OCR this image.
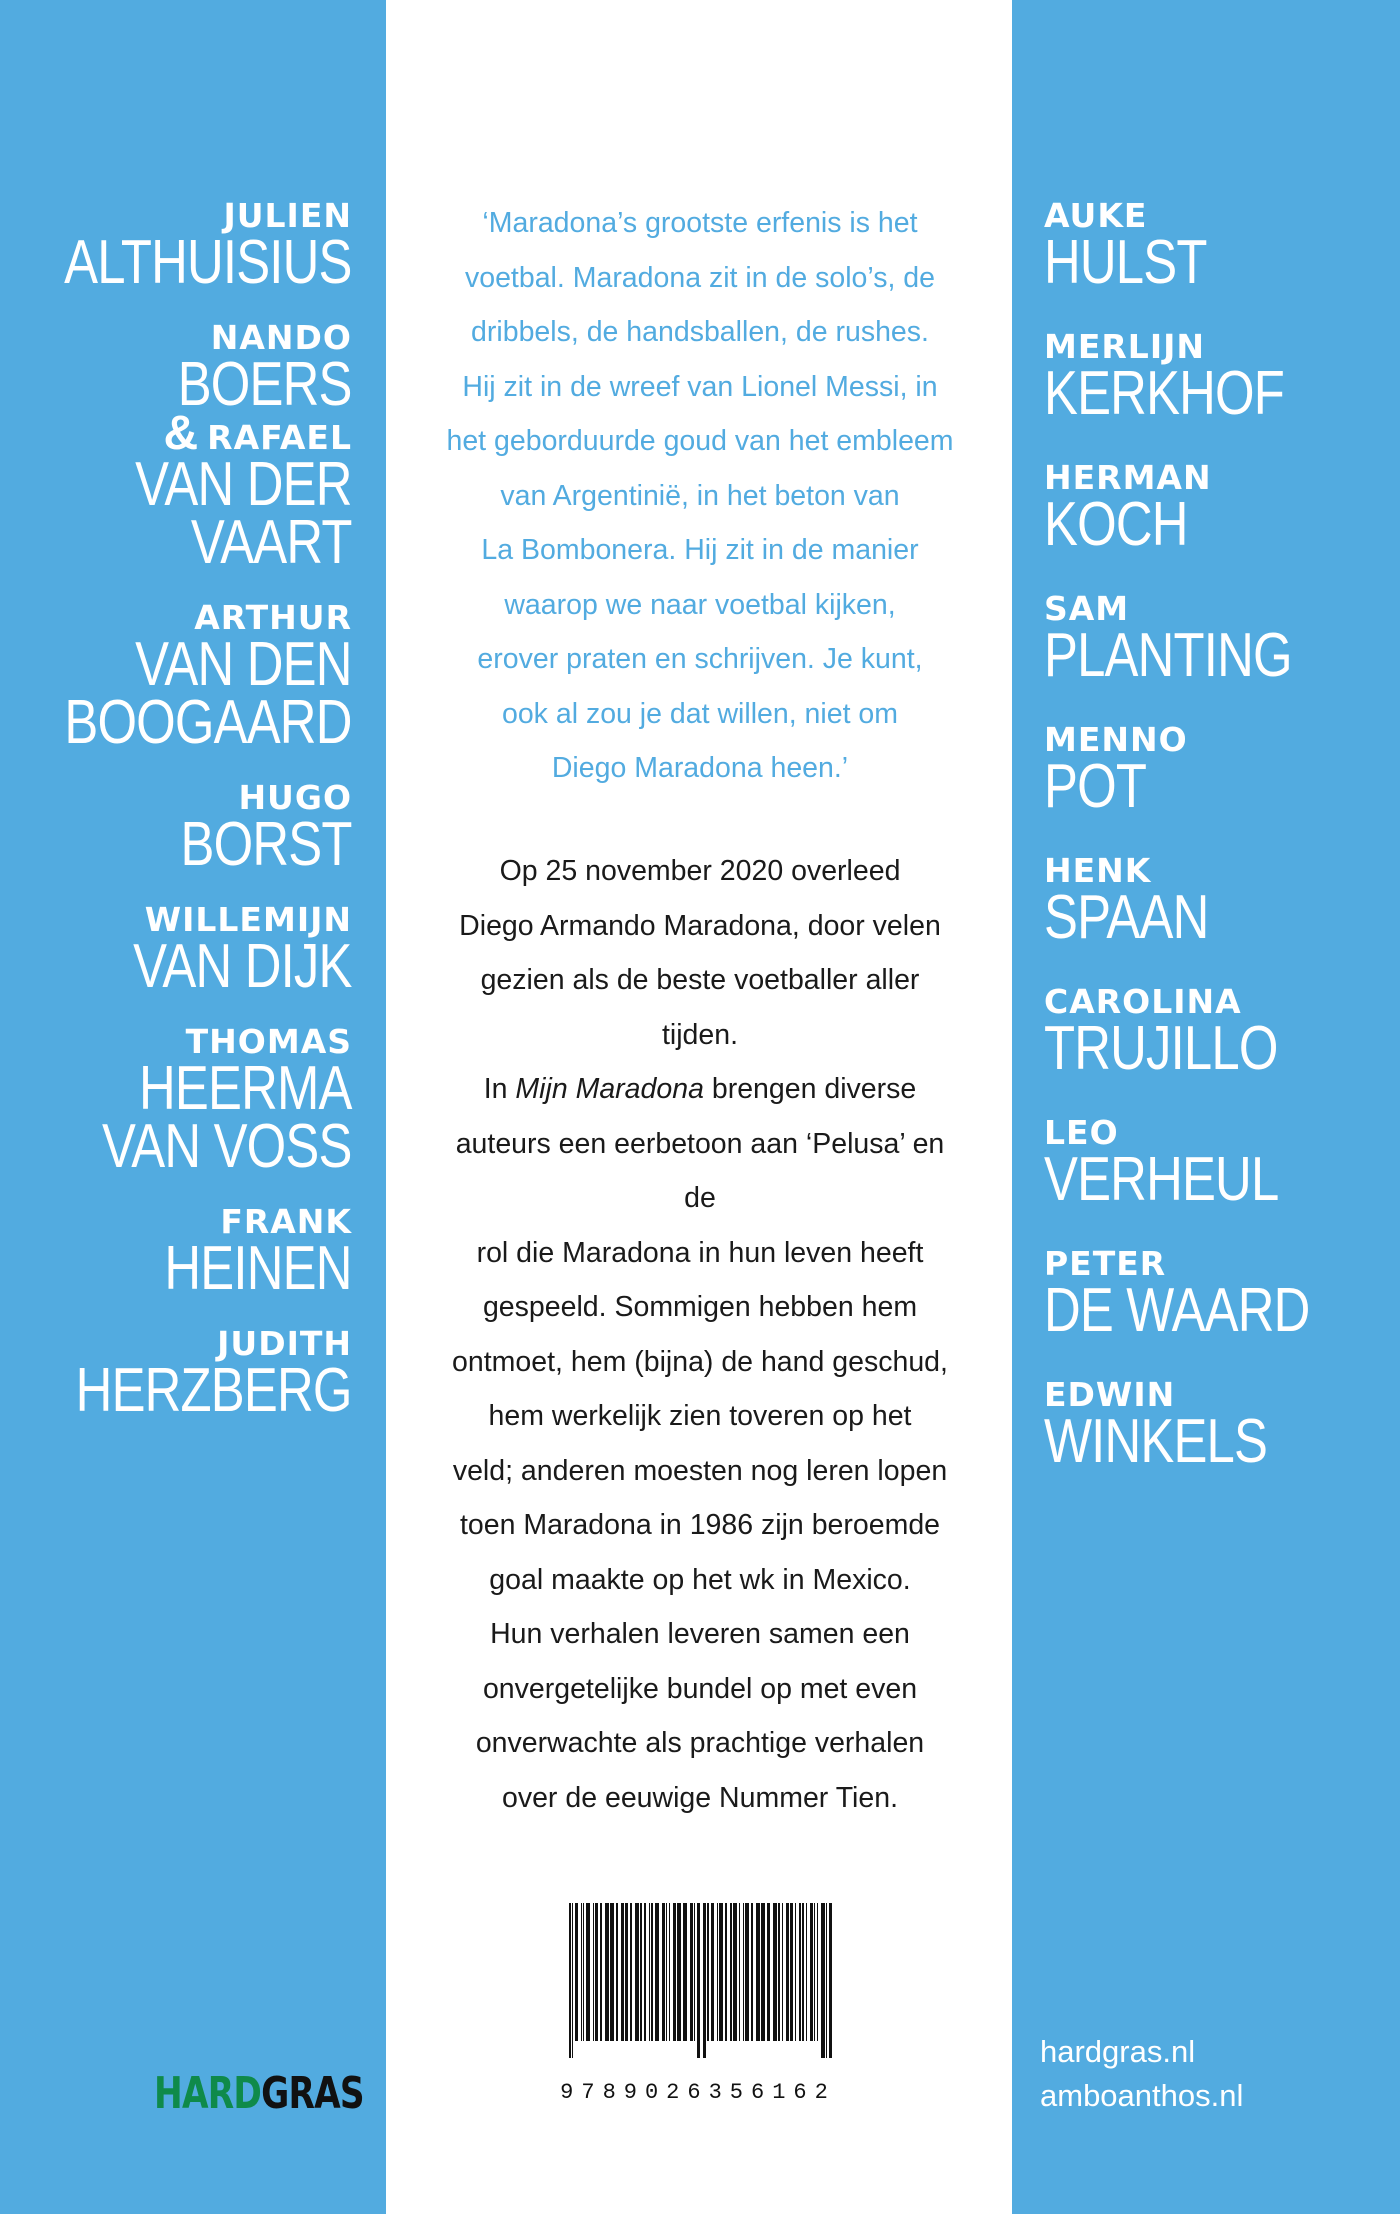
JULIEN
ALTHUISIUS
NANDO
BOERS
& RAFAEL
VAN DER
VAART
ARTHUR
VAN DEN
BOOGAARD
HUGO
BORST
WILLEMIJN
VAN DIJK
THOMAS
HEERMA
VAN VOSS
FRANK
HEINEN
JUDITH
HERZBERG
AUKE
HULST
MERLIJN
KERKHOF
HERMAN
KOCH
SAM
PLANTING
MENNO
POT
HENK
SPAAN
CAROLINA
TRUJILLO
LEO
VERHEUL
PETER
DE WAARD
EDWIN
WINKELS

‘Maradona’s grootste erfenis is het

voetbal. Maradona zit in de solo’s, de

dribbels, de handsballen, de rushes.

Hij zit in de wreef van Lionel Messi, in

het geborduurde goud van het embleem

van Argentinië, in het beton van

La Bombonera. Hij zit in de manier

waarop we naar voetbal kijken,

erover praten en schrijven. Je kunt,

ook al zou je dat willen, niet om

Diego Maradona heen.’

Op 25 november 2020 overleed

Diego Armando Maradona, door velen

gezien als de beste voetballer aller tijden.

In Mijn Maradona brengen diverse

auteurs een eerbetoon aan ‘Pelusa’ en de

rol die Maradona in hun leven heeft

gespeeld. Sommigen hebben hem

ontmoet, hem (bijna) de hand geschud,

hem werkelijk zien toveren op het

veld; anderen moesten nog leren lopen

toen Maradona in 1986 zijn beroemde

goal maakte op het wk in Mexico.

Hun verhalen leveren samen een

onvergetelijke bundel op met even

onverwachte als prachtige verhalen

over de eeuwige Nummer Tien.

9789026356162
HARDGRAS

hardgras.nl

amboanthos.nl
